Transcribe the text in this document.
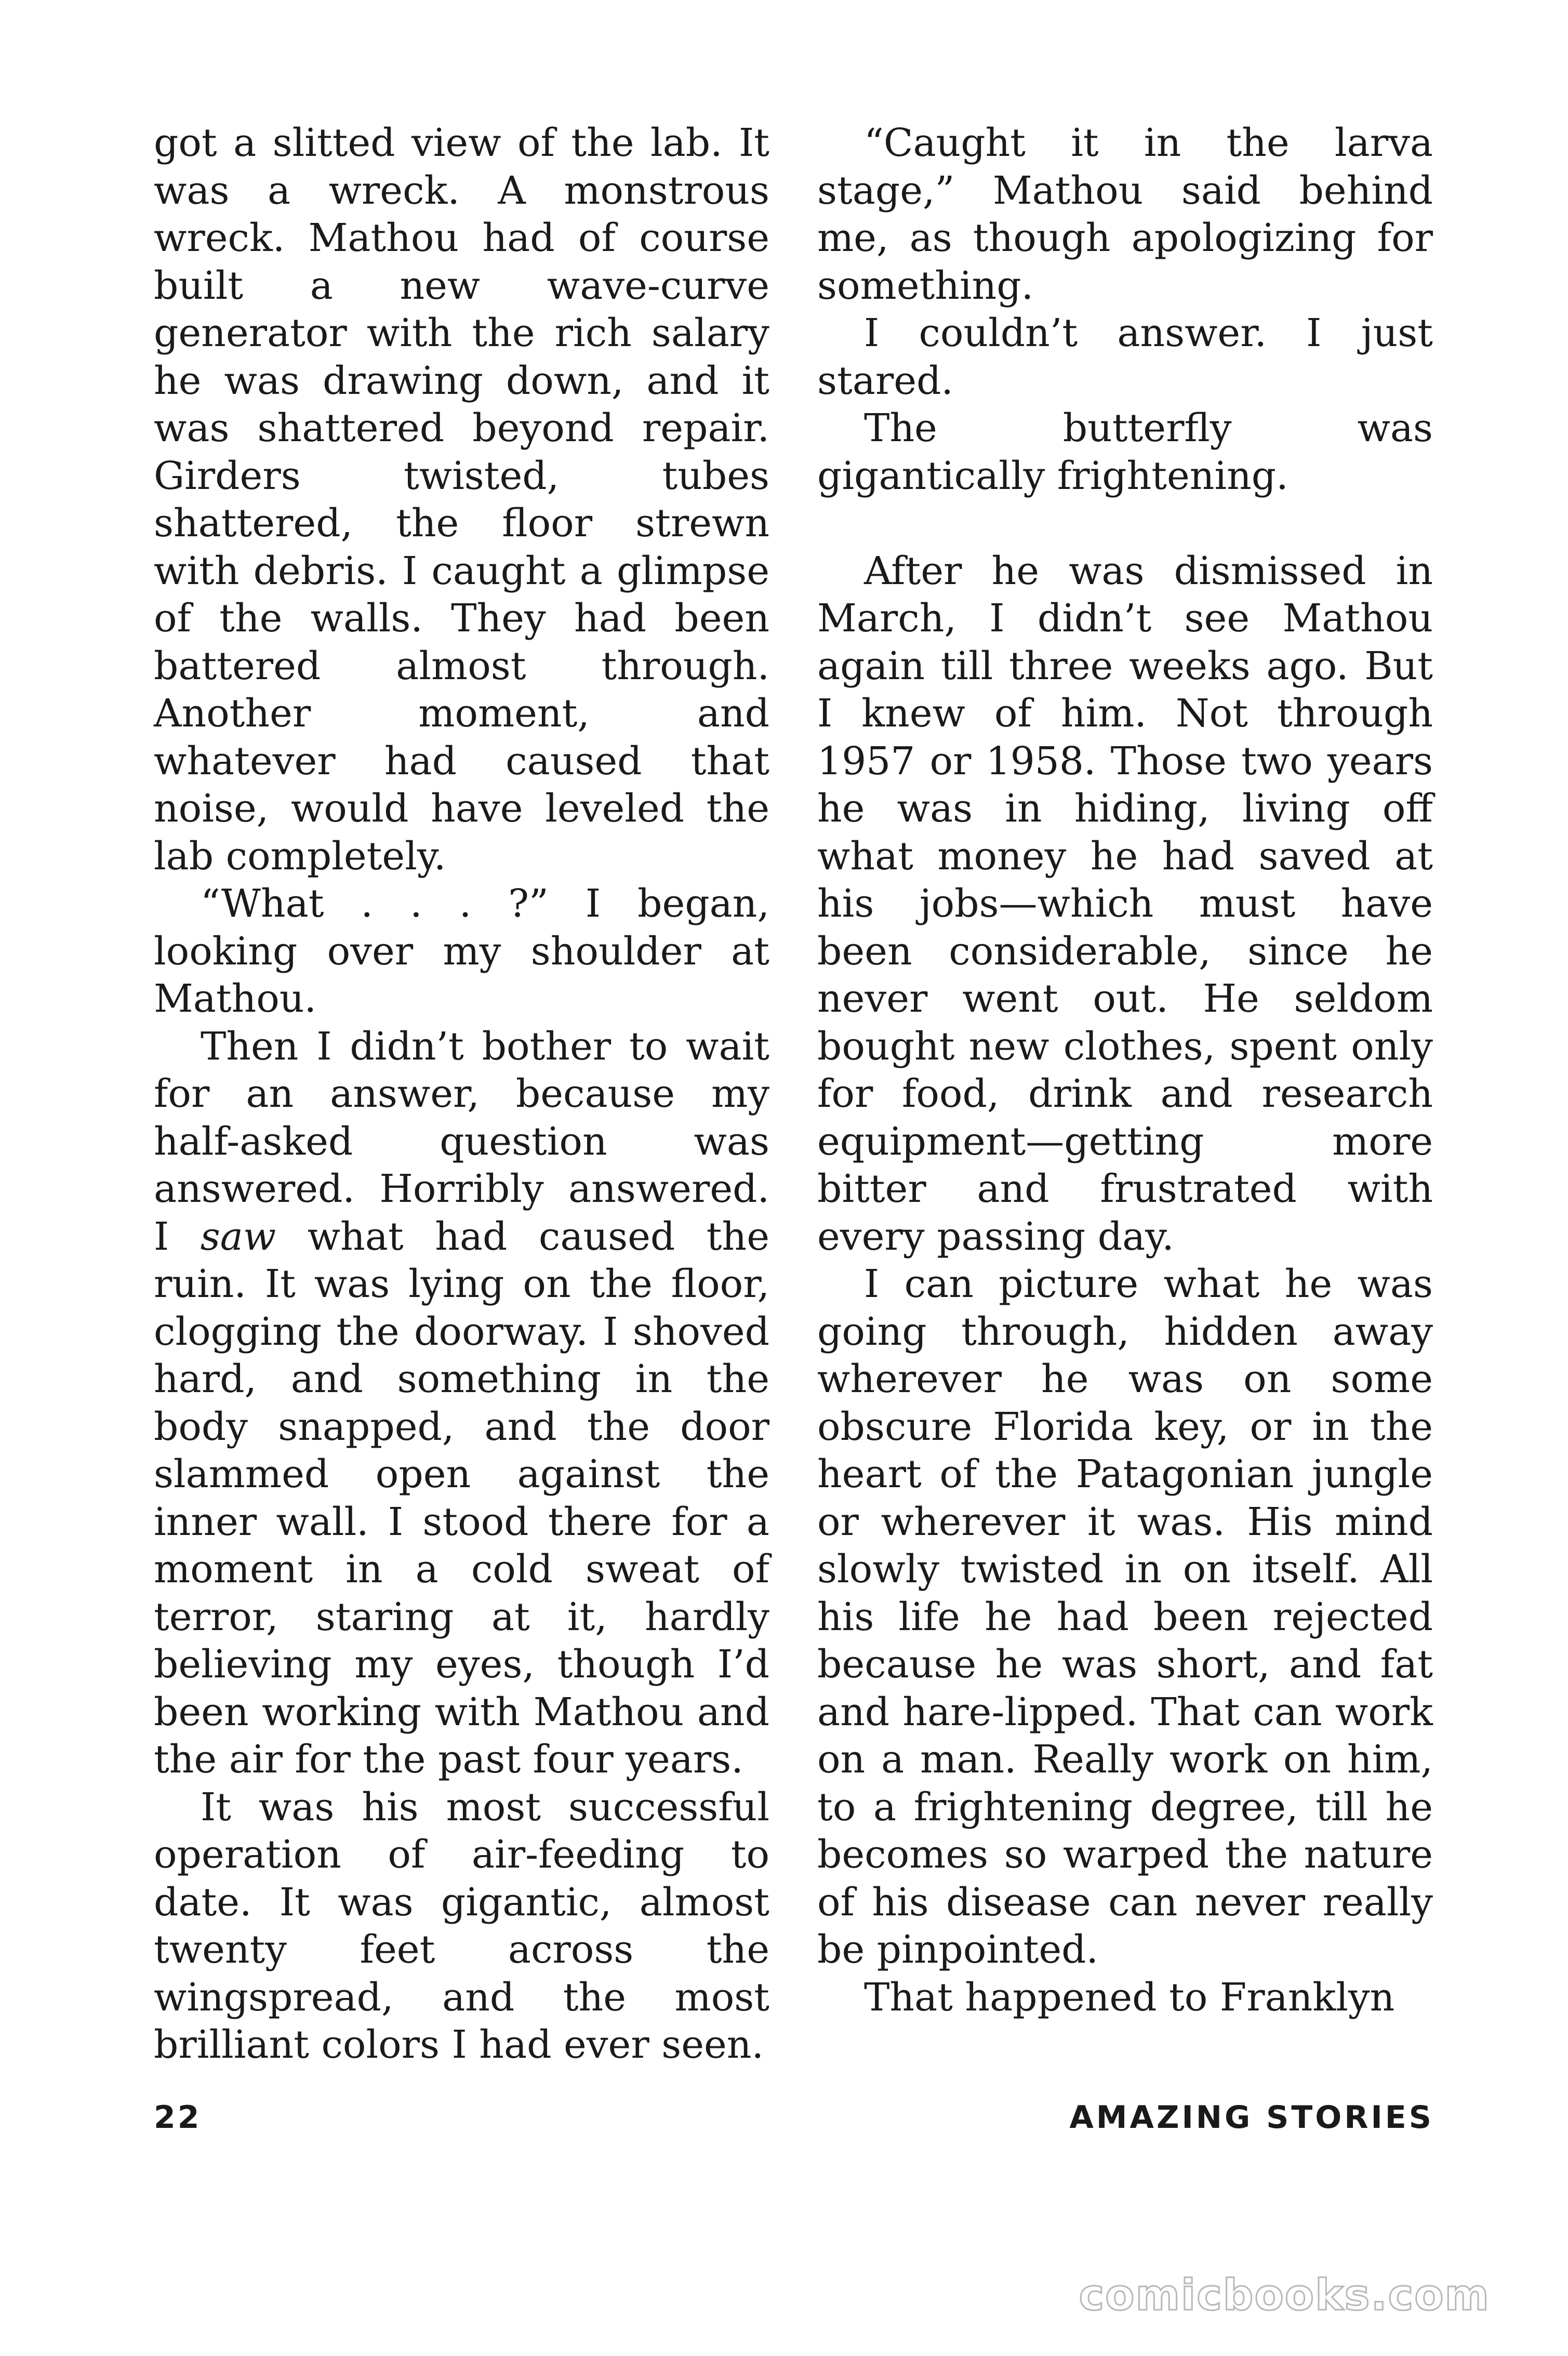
got a slitted view of the lab. It was a wreck. A monstrous wreck. Mathou had of course built a new wave-curve generator with the rich salary he was drawing down, and it was shattered beyond repair. Girders twisted, tubes shattered, the floor strewn with debris. I caught a glimpse of the walls. They had been battered almost through. Another moment, and whatever had caused that noise, would have leveled the lab completely.

“What . . . ?” I began, looking over my shoulder at Mathou.

Then I didn’t bother to wait for an answer, because my half-asked question was answered. Horribly answered. I saw what had caused the ruin. It was lying on the floor, clogging the doorway. I shoved hard, and something in the body snapped, and the door slammed open against the inner wall. I stood there for a moment in a cold sweat of terror, staring at it, hardly believing my eyes, though I’d been working with Mathou and the air for the past four years.

It was his most successful operation of air-feeding to date. It was gigantic, almost twenty feet across the wingspread, and the most brilliant colors I had ever seen.

“Caught it in the larva stage,” Mathou said behind me, as though apologizing for something.

I couldn’t answer. I just stared.

The butterfly was gigantically frightening.

After he was dismissed in March, I didn’t see Mathou again till three weeks ago. But I knew of him. Not through 1957 or 1958. Those two years he was in hiding, living off what money he had saved at his jobs—which must have been considerable, since he never went out. He seldom bought new clothes, spent only for food, drink and research equipment—getting more bitter and frustrated with every passing day.

I can picture what he was going through, hidden away wherever he was on some obscure Florida key, or in the heart of the Patagonian jungle or wherever it was. His mind slowly twisted in on itself. All his life he had been rejected because he was short, and fat and hare-lipped. That can work on a man. Really work on him, to a frightening degree, till he becomes so warped the nature of his disease can never really be pinpointed.

That happened to Franklyn

22	AMAZING STORIES
comicbooks.com
